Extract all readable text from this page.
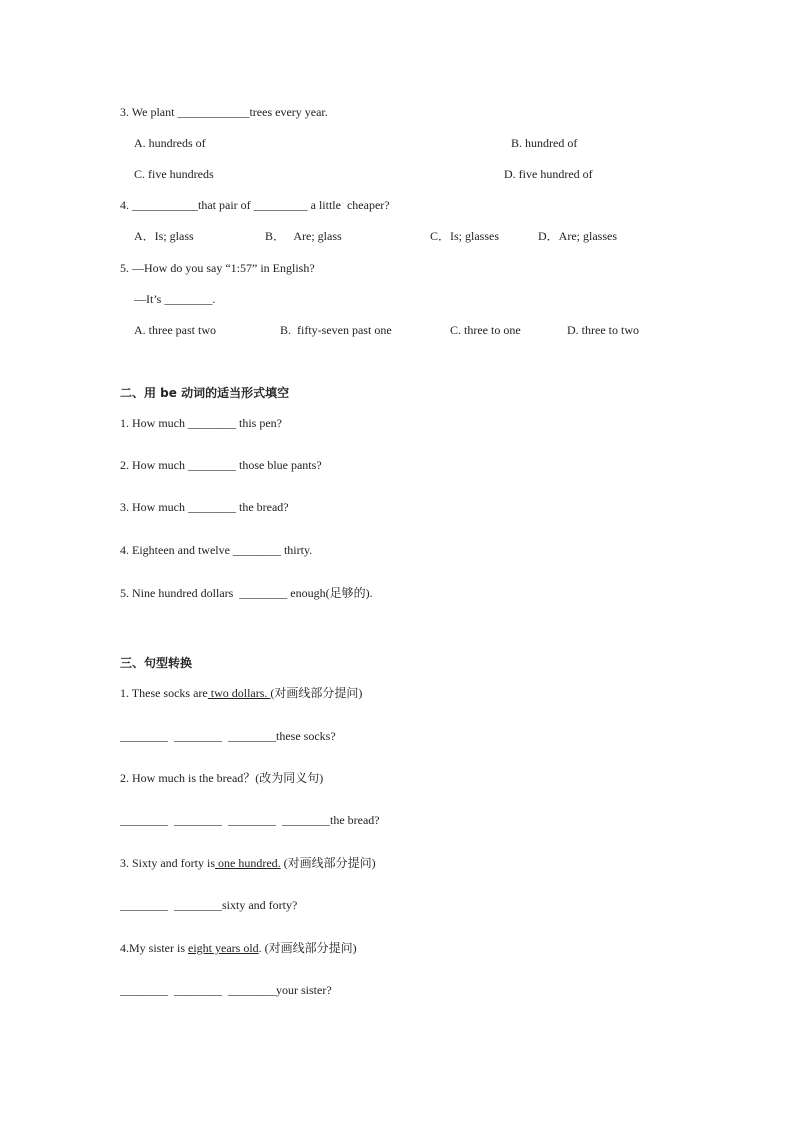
3. We plant ____________trees every year.
A. hundreds of	B. hundred of
C. five hundreds	D. five hundred of
4. ___________that pair of _________ a little  cheaper?
A．Is; glass	B．   Are; glass	C．Is; glasses	D．Are; glasses
5. —How do you say “1:57” in English?
—It’s ________.
A. three past two	B.  fifty-seven past one	C. three to one	D. three to two
二、用 be 动词的适当形式填空
1. How much ________ this pen?
2. How much ________ those blue pants?
3. How much ________ the bread?
4. Eighteen and twelve ________ thirty.
5. Nine hundred dollars  ________ enough(足够的).
三、句型转换
1. These socks are two dollars. (对画线部分提问)
________  ________  ________these socks?
2. How much is the bread？(改为同义句)
________  ________  ________  ________the bread?
3. Sixty and forty is one hundred. (对画线部分提问)
________  ________sixty and forty?
4.My sister is eight years old. (对画线部分提问)
________  ________  ________your sister?
